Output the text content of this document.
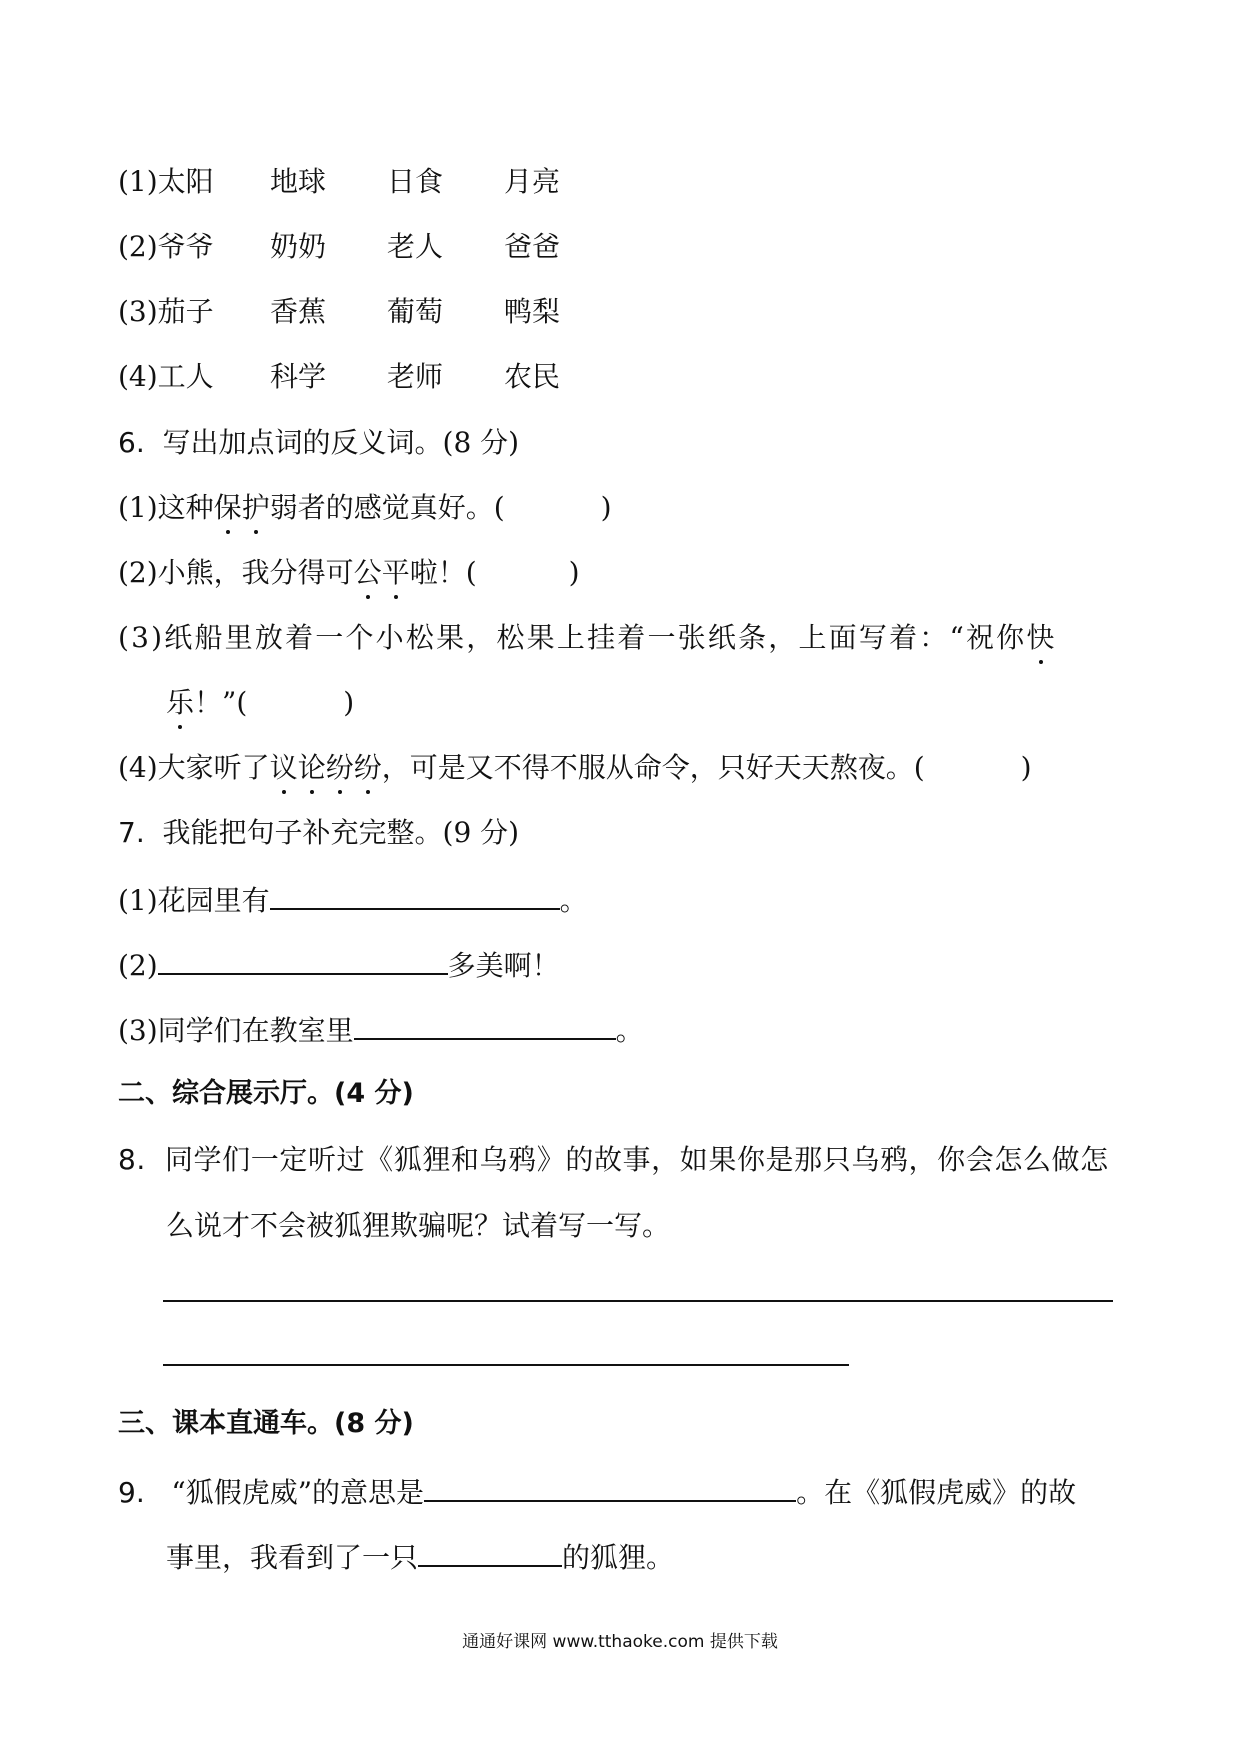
(1)太阳 地球 日食 月亮
(2)爷爷 奶奶 老人 爸爸
(3)茄子 香蕉 葡萄 鸭梨
(4)工人 科学 老师 农民
6. 写出加点词的反义词。(8 分)
(1)这种保护弱者的感觉真好。(	)
(2)小熊，我分得可公平啦！(	)
(3)纸船里放着一个小松果，松果上挂着一张纸条，上面写着：“祝你快
乐！”(	)
(4)大家听了议论纷纷，可是又不得不服从命令，只好天天熬夜。(	)
7. 我能把句子补充完整。(9 分)
(1)花园里有	。
(2)	多美啊！
(3)同学们在教室里	。
二、综合展示厅。(4 分)
8. 同学们一定听过《狐狸和乌鸦》的故事，如果你是那只乌鸦，你会怎么做怎
么说才不会被狐狸欺骗呢？试着写一写。
三、课本直通车。(8 分)
9. “狐假虎威”的意思是	。在《狐假虎威》的故
事里，我看到了一只	的狐狸。
通通好课网 www.tthaoke.com 提供下载
